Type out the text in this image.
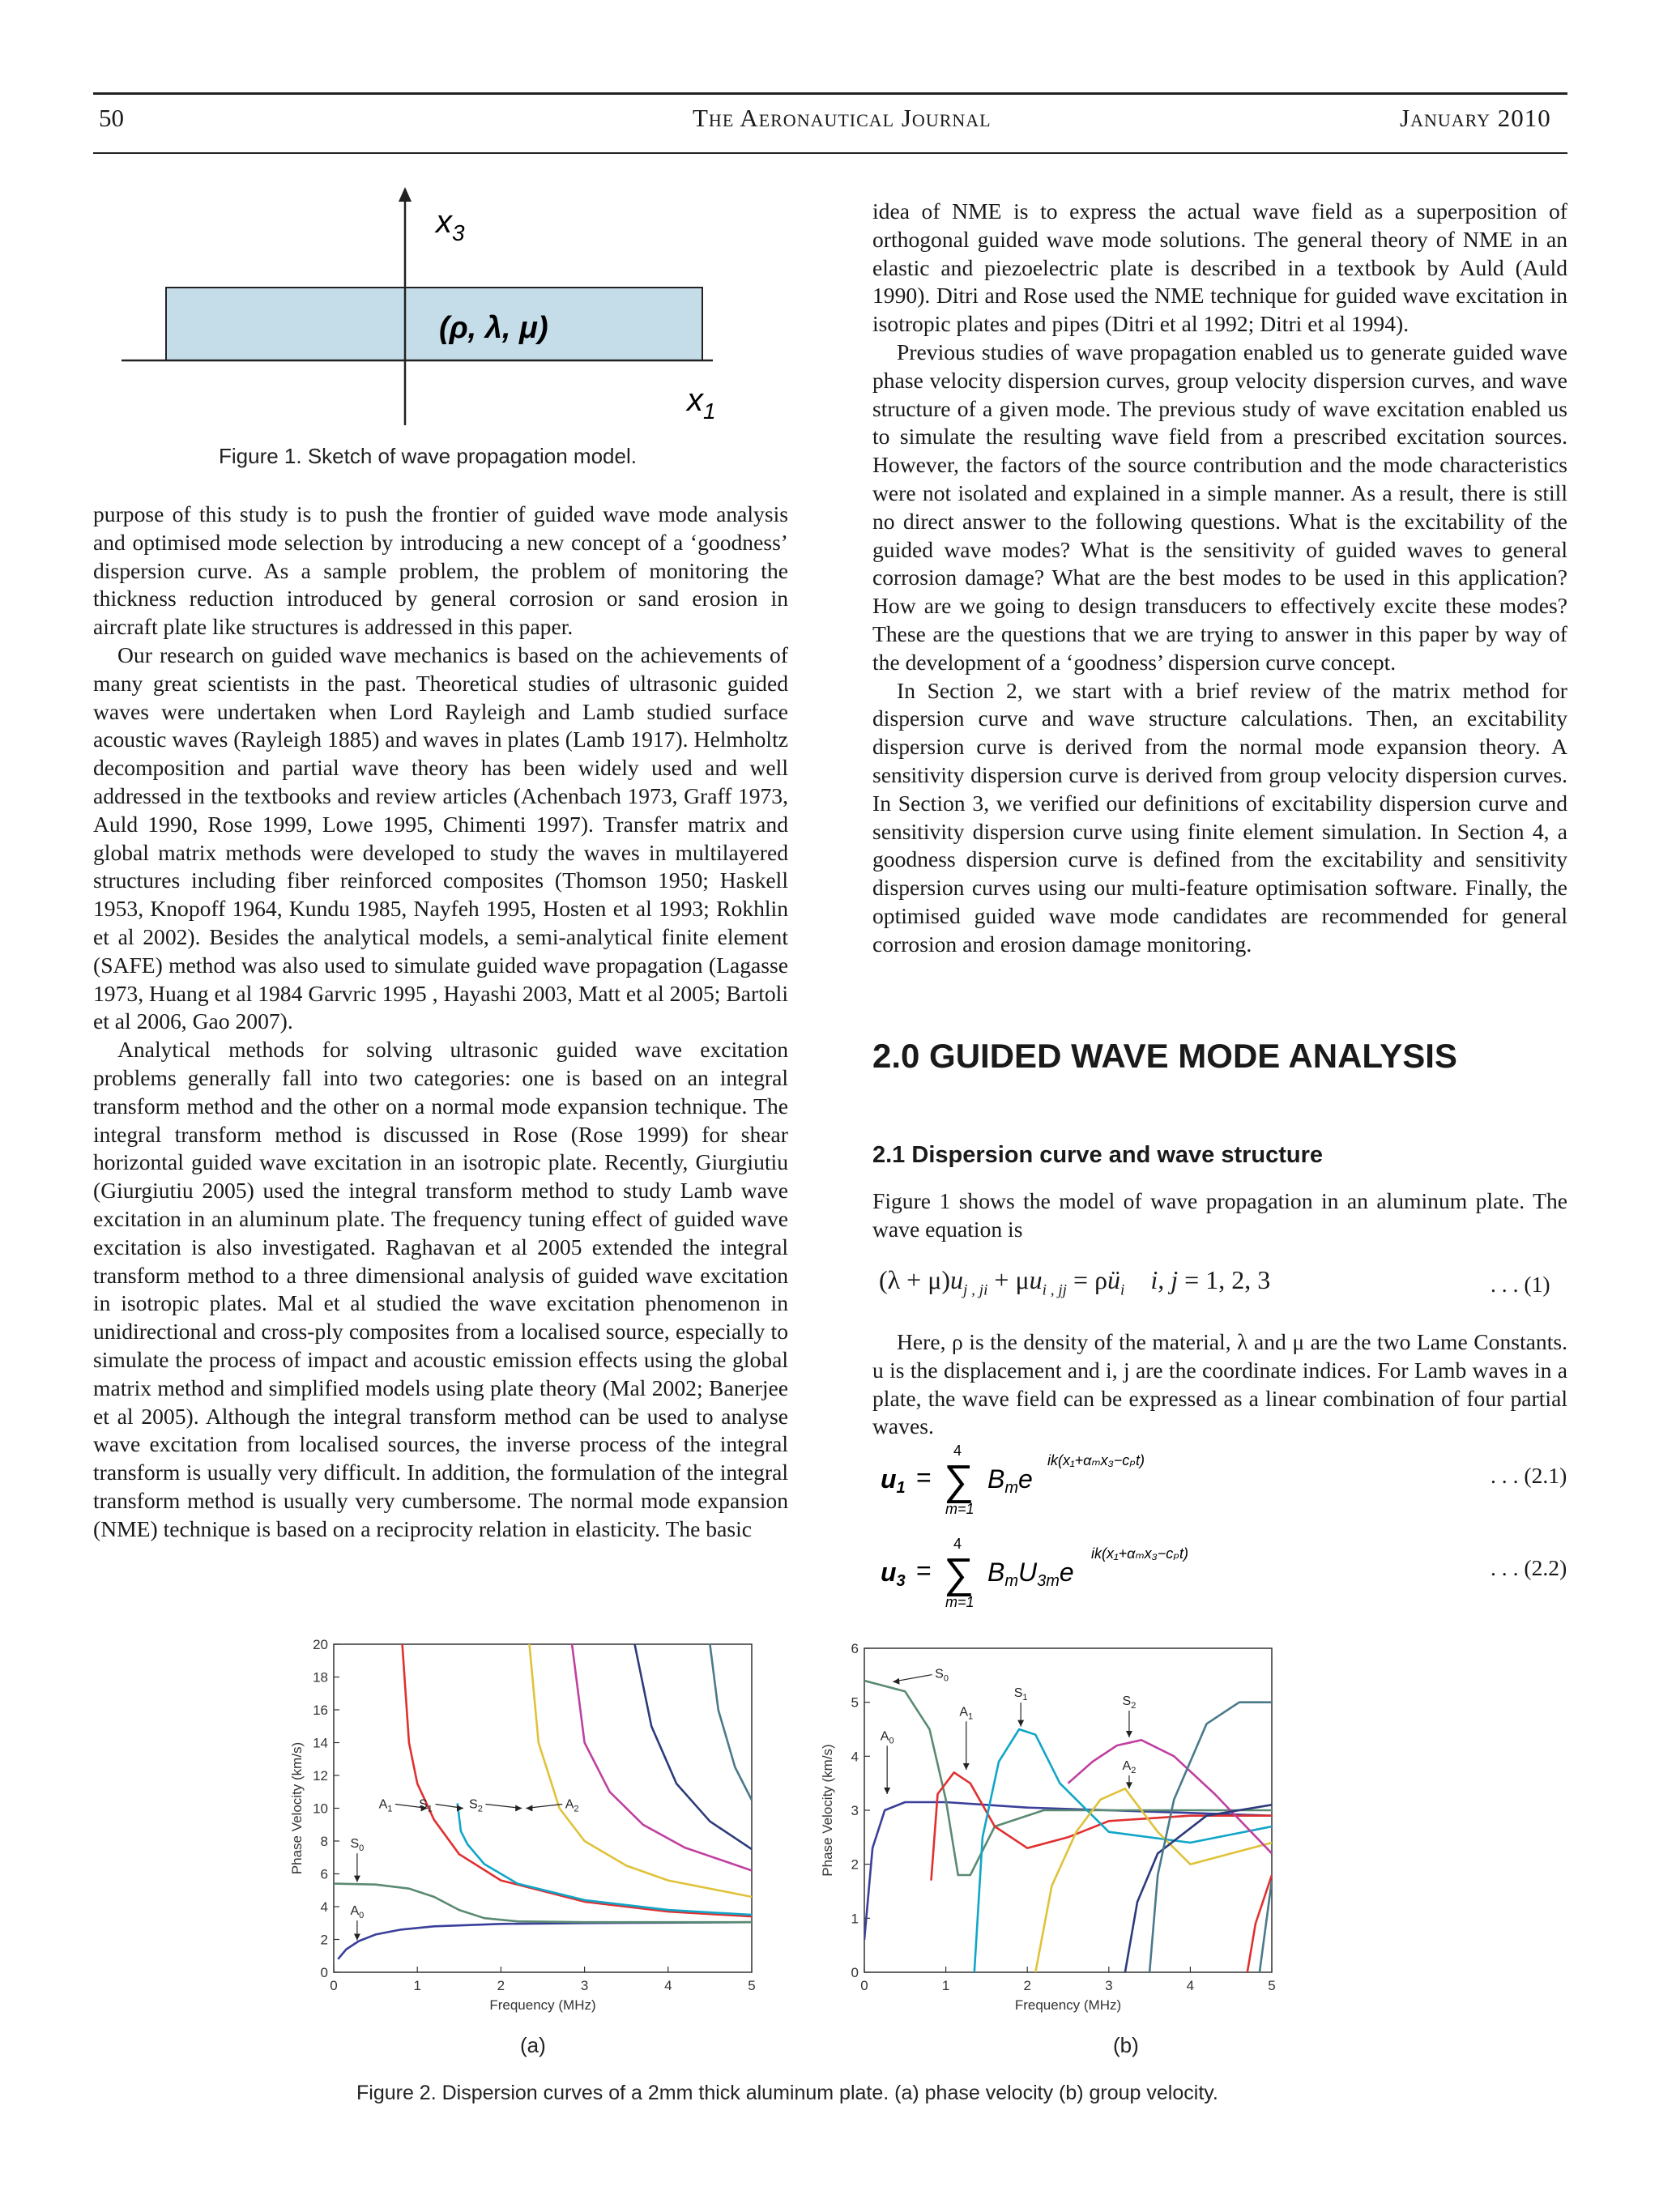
50	The Aeronautical Journal	January 2010
$x_3$
$x_1$
(ρ, λ, μ)
Figure 1. Sketch of wave propagation model.

purpose of this study is to push the frontier of guided wave mode analysis and optimised mode selection by introducing a new concept of a ‘goodness’ dispersion curve. As a sample problem, the problem of monitoring the thickness reduction introduced by general corrosion or sand erosion in aircraft plate like structures is addressed in this paper.

Our research on guided wave mechanics is based on the achievements of many great scientists in the past. Theoretical studies of ultrasonic guided waves were undertaken when Lord Rayleigh and Lamb studied surface acoustic waves (Rayleigh 1885) and waves in plates (Lamb 1917). Helmholtz decomposition and partial wave theory has been widely used and well addressed in the textbooks and review articles (Achenbach 1973, Graff 1973, Auld 1990, Rose 1999, Lowe 1995, Chimenti 1997). Transfer matrix and global matrix methods were developed to study the waves in multilayered structures including fiber reinforced composites (Thomson 1950; Haskell 1953, Knopoff 1964, Kundu 1985, Nayfeh 1995, Hosten et al 1993; Rokhlin et al 2002). Besides the analytical models, a semi-analytical finite element (SAFE) method was also used to simulate guided wave propagation (Lagasse 1973, Huang et al 1984 Garvric 1995 , Hayashi 2003, Matt et al 2005; Bartoli et al 2006, Gao 2007).

Analytical methods for solving ultrasonic guided wave excitation problems generally fall into two categories: one is based on an integral transform method and the other on a normal mode expansion technique. The integral transform method is discussed in Rose (Rose 1999) for shear horizontal guided wave excitation in an isotropic plate. Recently, Giurgiutiu (Giurgiutiu 2005) used the integral transform method to study Lamb wave excitation in an aluminum plate. The frequency tuning effect of guided wave excitation is also investigated. Raghavan et al 2005 extended the integral transform method to a three dimensional analysis of guided wave excitation in isotropic plates. Mal et al studied the wave excitation phenomenon in unidirectional and cross-ply composites from a localised source, especially to simulate the process of impact and acoustic emission effects using the global matrix method and simplified models using plate theory (Mal 2002; Banerjee et al 2005). Although the integral transform method can be used to analyse wave excitation from localised sources, the inverse process of the integral transform is usually very difficult. In addition, the formulation of the integral transform method is usually very cumbersome. The normal mode expansion (NME) technique is based on a reciprocity relation in elasticity. The basic

idea of NME is to express the actual wave field as a superposition of orthogonal guided wave mode solutions. The general theory of NME in an elastic and piezoelectric plate is described in a textbook by Auld (Auld 1990). Ditri and Rose used the NME technique for guided wave excitation in isotropic plates and pipes (Ditri et al 1992; Ditri et al 1994).

Previous studies of wave propagation enabled us to generate guided wave phase velocity dispersion curves, group velocity dispersion curves, and wave structure of a given mode. The previous study of wave excitation enabled us to simulate the resulting wave field from a prescribed excitation sources. However, the factors of the source contribution and the mode characteristics were not isolated and explained in a simple manner. As a result, there is still no direct answer to the following questions. What is the excitability of the guided wave modes? What is the sensitivity of guided waves to general corrosion damage? What are the best modes to be used in this application? How are we going to design transducers to effectively excite these modes? These are the questions that we are trying to answer in this paper by way of the development of a ‘goodness’ dispersion curve concept.

In Section 2, we start with a brief review of the matrix method for dispersion curve and wave structure calculations. Then, an excitability dispersion curve is derived from the normal mode expansion theory. A sensitivity dispersion curve is derived from group velocity dispersion curves. In Section 3, we verified our definitions of excitability dispersion curve and sensitivity dispersion curve using finite element simulation. In Section 4, a goodness dispersion curve is defined from the excitability and sensitivity dispersion curves using our multi-feature optimisation software. Finally, the optimised guided wave mode candidates are recommended for general corrosion and erosion damage monitoring.

2.0 GUIDED WAVE MODE ANALYSIS
2.1 Dispersion curve and wave structure
Figure 1 shows the model of wave propagation in an aluminum plate. The wave equation is
$(\lambda + \mu)u_{j , ji} + \mu u_{i , jj}$ = $\rho ü_i$ i, j = 1, 2, 3	. . . (1)

Here, ρ is the density of the material, λ and μ are the two Lame Constants. u is the displacement and i, j are the coordinate indices. For Lamb waves in a plate, the wave field can be expressed as a linear combination of four partial waves.

u1 = ∑
4
m=1
Bme
ik(x₁+αₘx₃−cₚt)
. . . (2.1)
u3 = ∑
4
m=1
BmU3me
ik(x₁+αₘx₃−cₚt)
. . . (2.2)
0	1	2	3	4	5
0
2
4
6
8
10
12
14
16
18
20
Frequency (MHz)
Phase Velocity (km/s)
$A_0$
$S_0$
$A_1$ $S_1$	$S_2$	$A_2$
0	1	2	3	4	5
0
1
2
3
4
5
6
Frequency (MHz)
Phase Velocity (km/s)
$A_0$
$S_0$
$A_1$
$S_1$	$S_2$
$A_2$
(a)	(b)
Figure 2. Dispersion curves of a 2mm thick aluminum plate. (a) phase velocity (b) group velocity.
